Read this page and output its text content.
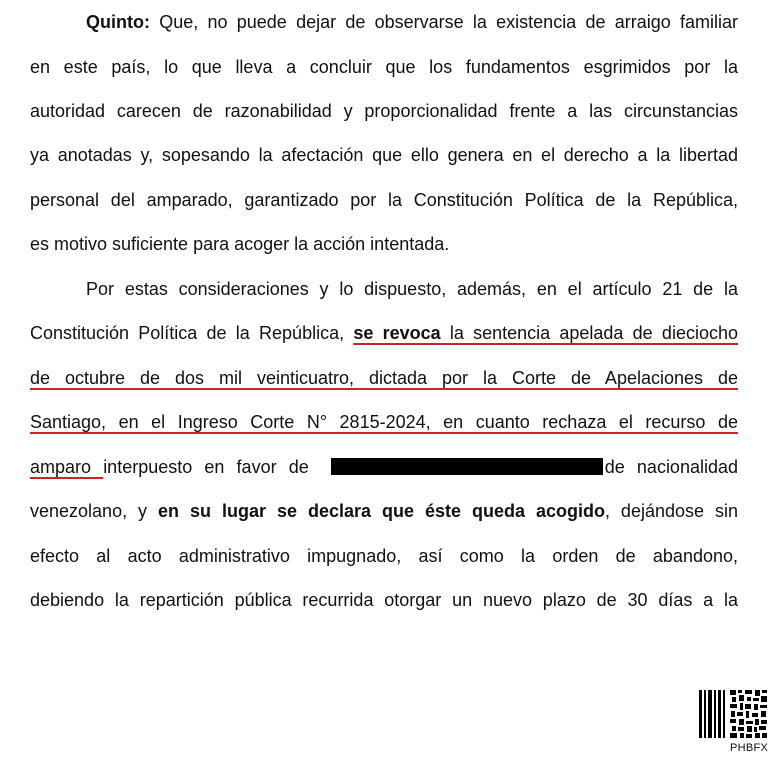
Quinto: Que, no puede dejar de observarse la existencia de arraigo familiar
en este país, lo que lleva a concluir que los fundamentos esgrimidos por la
autoridad carecen de razonabilidad y proporcionalidad frente a las circunstancias
ya anotadas y, sopesando la afectación que ello genera en el derecho a la libertad
personal del amparado, garantizado por la Constitución Política de la República,
es motivo suficiente para acoger la acción intentada.
Por estas consideraciones y lo dispuesto, además, en el artículo 21 de la
Constitución Política de la República, se revoca la sentencia apelada de dieciocho
de octubre de dos mil veinticuatro, dictada por la Corte de Apelaciones de
Santiago, en el Ingreso Corte N° 2815-2024, en cuanto rechaza el recurso de
amparo interpuesto en favor de	de nacionalidad
venezolano, y en su lugar se declara que éste queda acogido, dejándose sin
efecto al acto administrativo impugnado, así como la orden de abandono,
debiendo la repartición pública recurrida otorgar un nuevo plazo de 30 días a la
PHBFX
